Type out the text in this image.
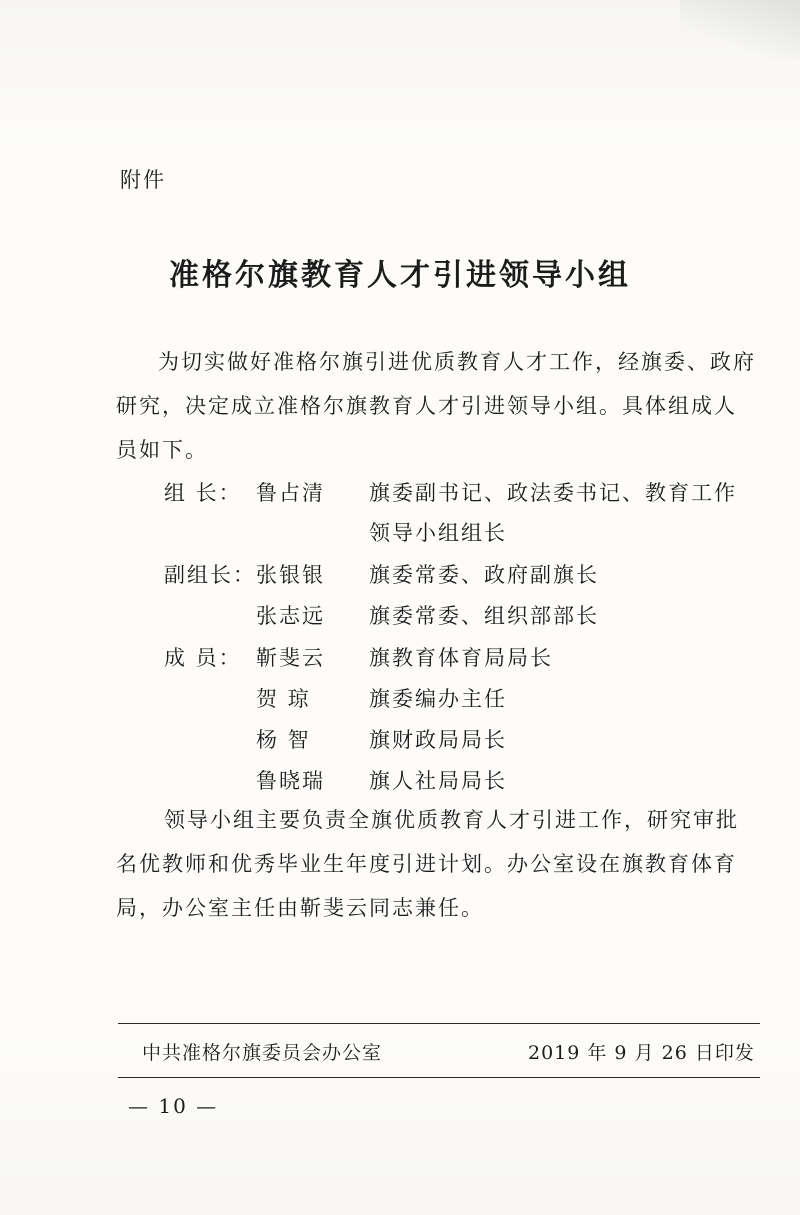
附件
准格尔旗教育人才引进领导小组
为切实做好准格尔旗引进优质教育人才工作，经旗委、政府研究，决定成立准格尔旗教育人才引进领导小组。具体组成人员如下。
组 长： 鲁占清	旗委副书记、政法委书记、教育工作领导小组组长
副组长： 张银银	旗委常委、政府副旗长
张志远	旗委常委、组织部部长
成 员： 靳斐云	旗教育体育局局长
贺 琼	旗委编办主任
杨 智	旗财政局局长
鲁晓瑞	旗人社局局长
领导小组主要负责全旗优质教育人才引进工作，研究审批名优教师和优秀毕业生年度引进计划。办公室设在旗教育体育局，办公室主任由靳斐云同志兼任。
中共准格尔旗委员会办公室	2019 年 9 月 26 日印发
— 10 —
